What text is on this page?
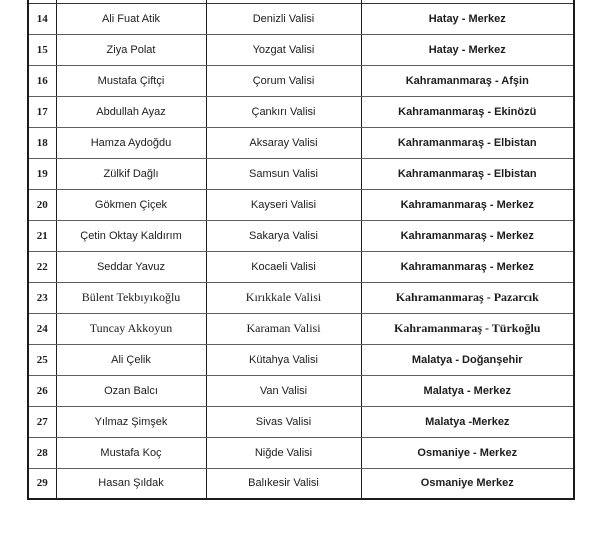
14	Ali Fuat Atik	Denizli Valisi	Hatay - Merkez
15	Ziya Polat	Yozgat Valisi	Hatay - Merkez
16	Mustafa Çiftçi	Çorum Valisi	Kahramanmaraş - Afşin
17	Abdullah Ayaz	Çankırı Valisi	Kahramanmaraş - Ekinözü
18	Hamza Aydoğdu	Aksaray Valisi	Kahramanmaraş - Elbistan
19	Zülkif Dağlı	Samsun Valisi	Kahramanmaraş - Elbistan
20	Gökmen Çiçek	Kayseri Valisi	Kahramanmaraş - Merkez
21	Çetin Oktay Kaldırım	Sakarya Valisi	Kahramanmaraş - Merkez
22	Seddar Yavuz	Kocaeli Valisi	Kahramanmaraş - Merkez
23	Bülent Tekbıyıkoğlu	Kırıkkale Valisi	Kahramanmaraş - Pazarcık
24	Tuncay Akkoyun	Karaman Valisi	Kahramanmaraş - Türkoğlu
25	Ali Çelik	Kütahya Valisi	Malatya - Doğanşehir
26	Ozan Balcı	Van Valisi	Malatya - Merkez
27	Yılmaz Şimşek	Sivas Valisi	Malatya -Merkez
28	Mustafa Koç	Niğde Valisi	Osmaniye - Merkez
29	Hasan Şıldak	Balıkesir Valisi	Osmaniye Merkez
